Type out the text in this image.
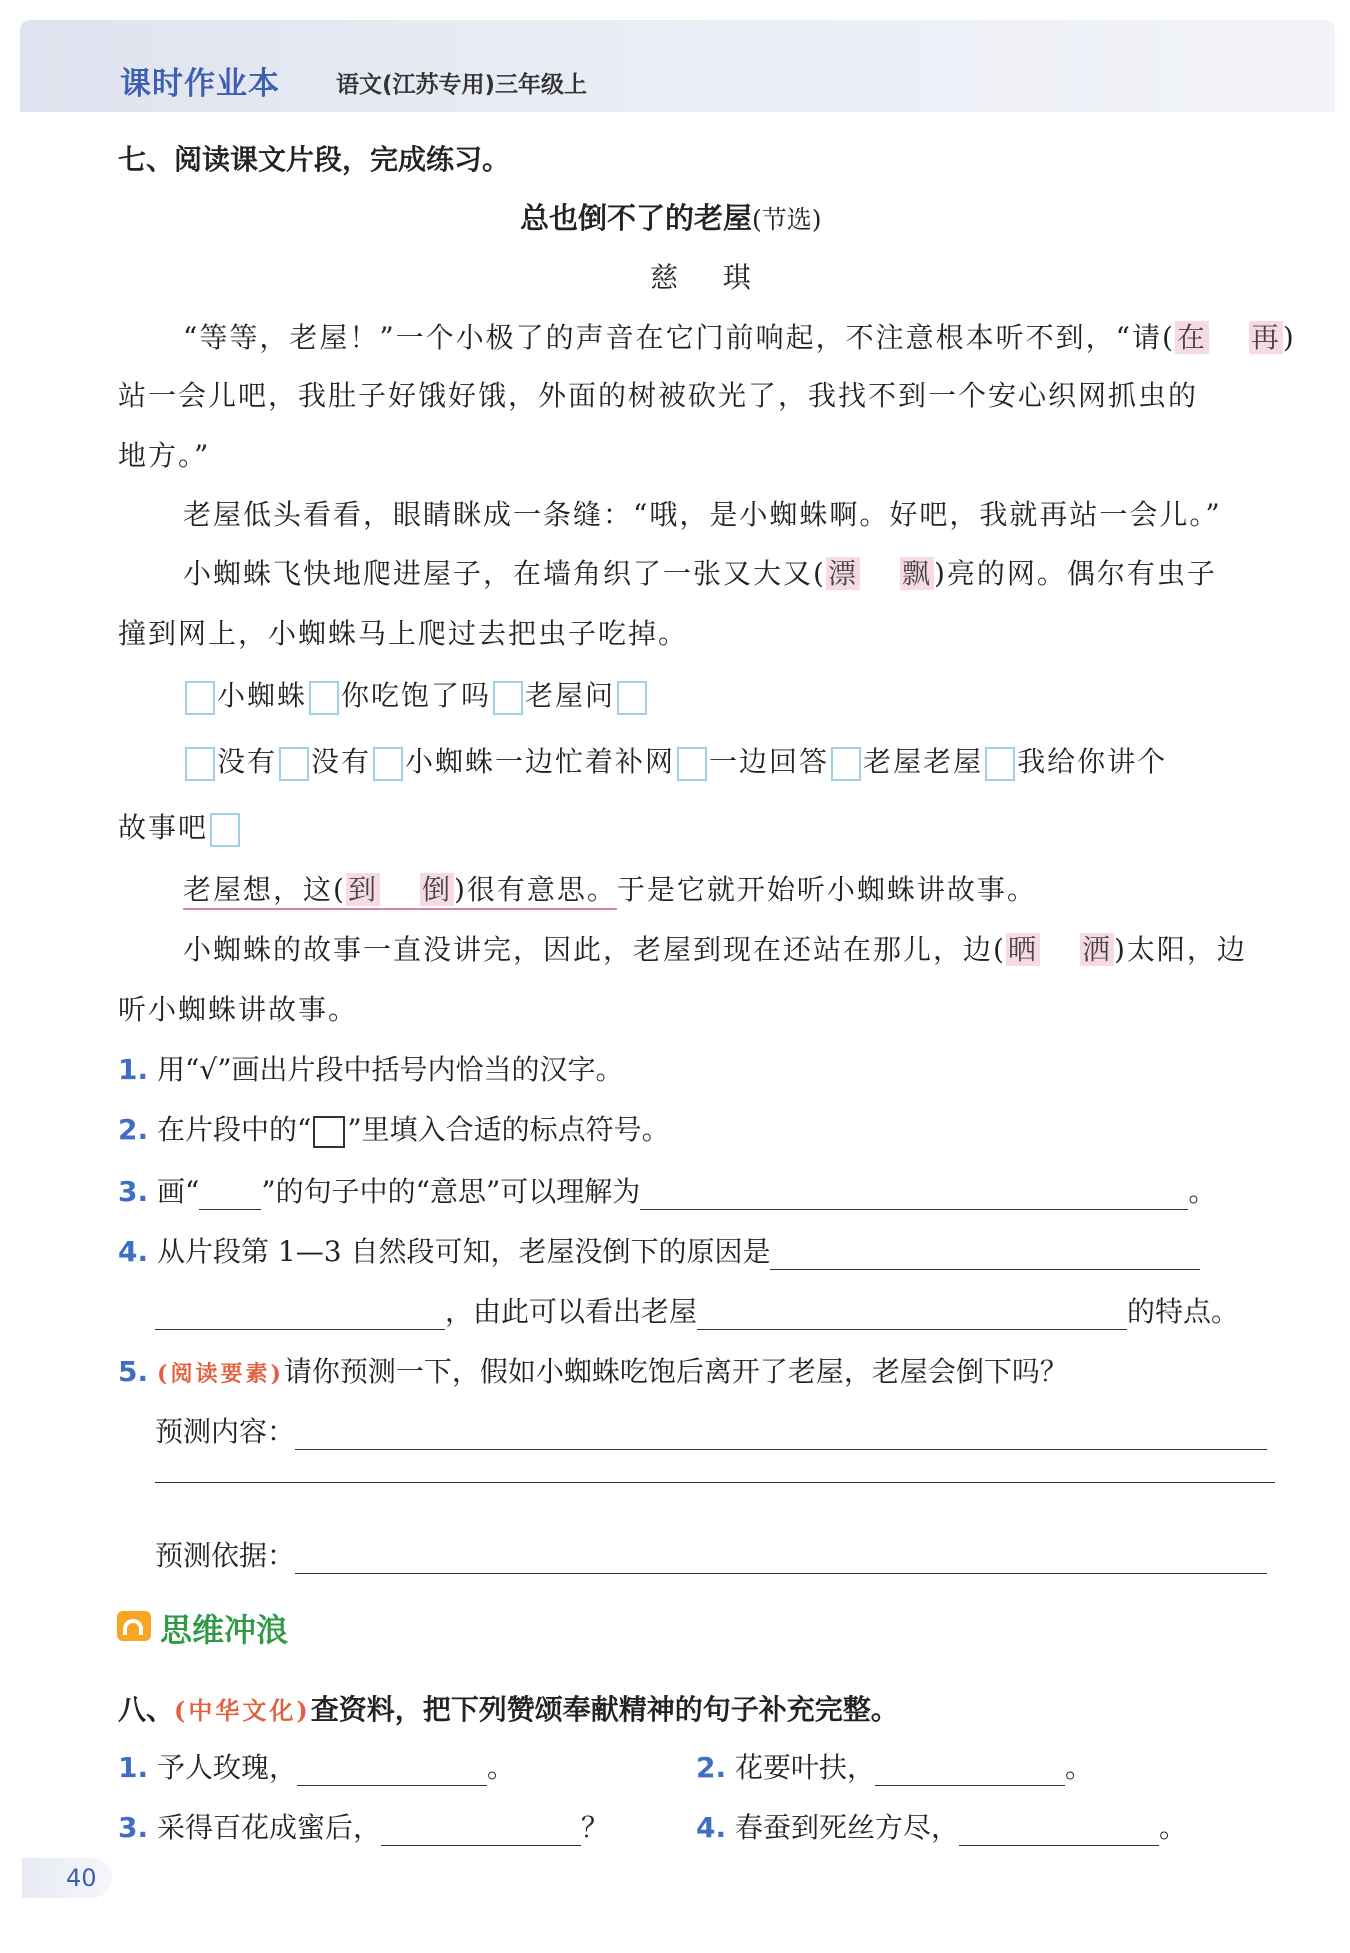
课时作业本 语文(江苏专用)三年级上
七、阅读课文片段，完成练习。
总也倒不了的老屋(节选)
慈 琪
“等等，老屋！”一个小极了的声音在它门前响起，不注意根本听不到，“请(在 再)
站一会儿吧，我肚子好饿好饿，外面的树被砍光了，我找不到一个安心织网抓虫的
地方。”
老屋低头看看，眼睛眯成一条缝：“哦，是小蜘蛛啊。好吧，我就再站一会儿。”
小蜘蛛飞快地爬进屋子，在墙角织了一张又大又(漂 飘)亮的网。偶尔有虫子
撞到网上，小蜘蛛马上爬过去把虫子吃掉。
小蜘蛛 你吃饱了吗 老屋问
没有 没有 小蜘蛛一边忙着补网 一边回答 老屋老屋 我给你讲个
故事吧
老屋想，这(到 倒)很有意思。于是它就开始听小蜘蛛讲故事。
小蜘蛛的故事一直没讲完，因此，老屋到现在还站在那儿，边(晒 洒)太阳，边
听小蜘蛛讲故事。
1. 用“√”画出片段中括号内恰当的汉字。
2. 在片段中的“ ”里填入合适的标点符号。
3. 画“ ”的句子中的“意思”可以理解为	。
4. 从片段第 1—3 自然段可知，老屋没倒下的原因是
，由此可以看出老屋	的特点。
5. (阅读要素)请你预测一下，假如小蜘蛛吃饱后离开了老屋，老屋会倒下吗？
预测内容：
预测依据：
思维冲浪
八、(中华文化)查资料，把下列赞颂奉献精神的句子补充完整。
1. 予人玫瑰，	。	2. 花要叶扶，	。
3. 采得百花成蜜后，	？	4. 春蚕到死丝方尽，	。
40
